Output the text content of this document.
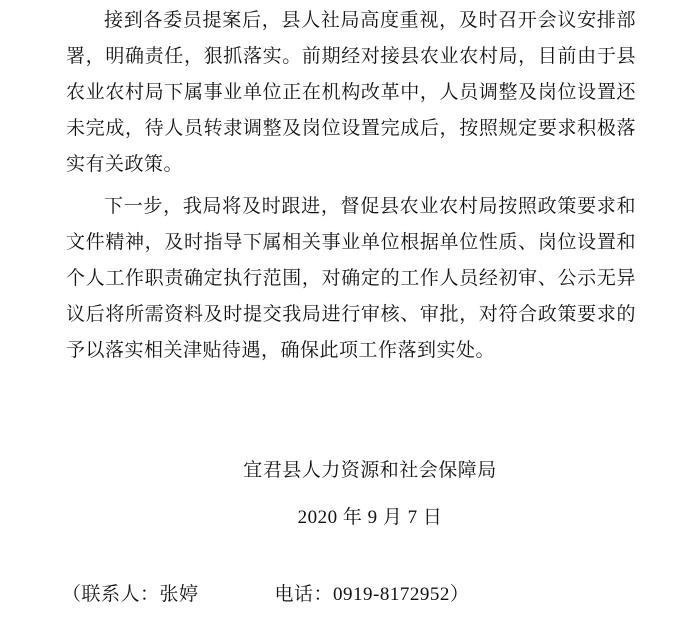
接到各委员提案后，县人社局高度重视，及时召开会议安排部署，明确责任，狠抓落实。前期经对接县农业农村局，目前由于县农业农村局下属事业单位正在机构改革中，人员调整及岗位设置还未完成，待人员转隶调整及岗位设置完成后，按照规定要求积极落实有关政策。

下一步，我局将及时跟进，督促县农业农村局按照政策要求和文件精神，及时指导下属相关事业单位根据单位性质、岗位设置和个人工作职责确定执行范围，对确定的工作人员经初审、公示无异议后将所需资料及时提交我局进行审核、审批，对符合政策要求的予以落实相关津贴待遇，确保此项工作落到实处。

宜君县人力资源和社会保障局
2020 年 9 月 7 日
（联系人：张婷	电话：0919-8172952）
